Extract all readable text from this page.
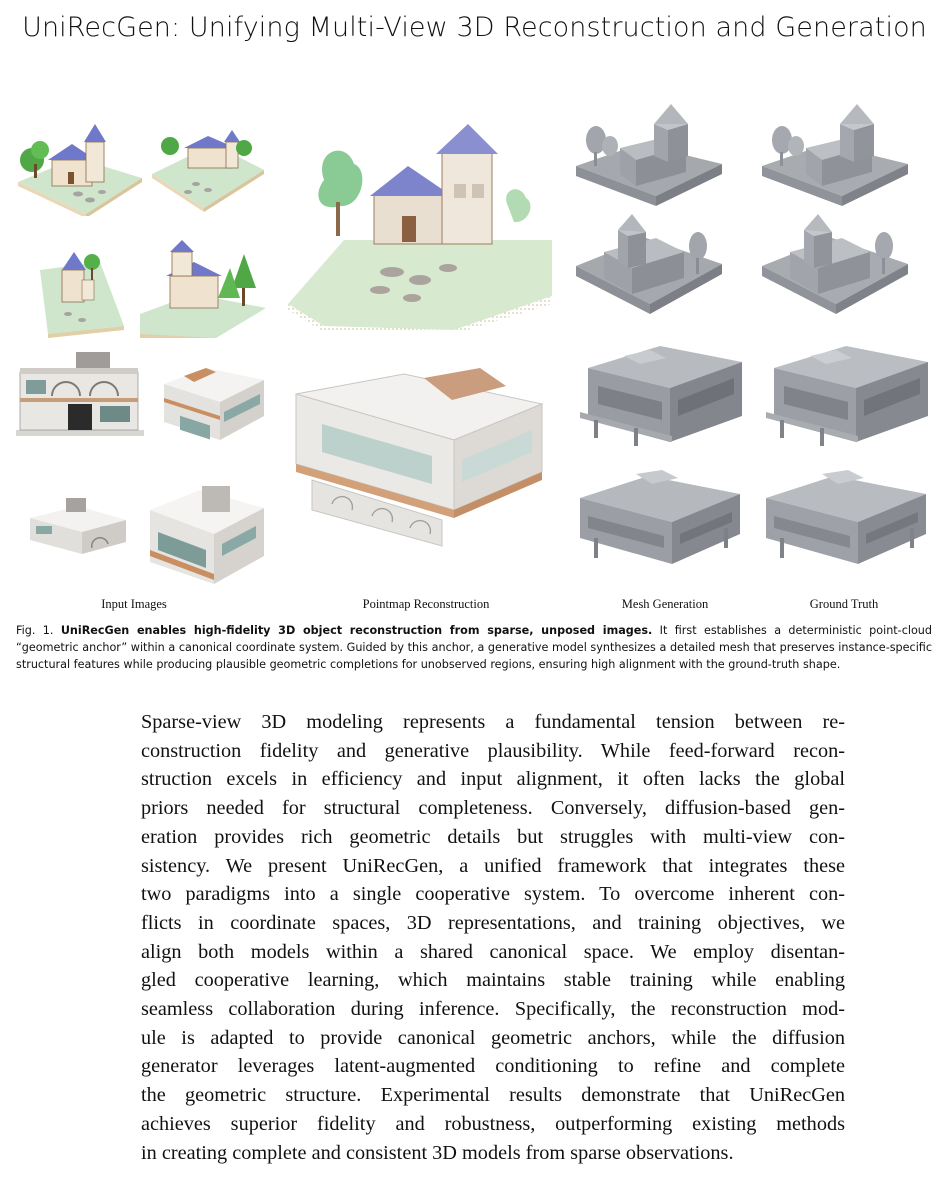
UniRecGen: Unifying Multi-View 3D Reconstruction and Generation
Input Images	Pointmap Reconstruction	Mesh Generation	Ground Truth

Fig. 1. UniRecGen enables high-fidelity 3D object reconstruction from sparse, unposed images. It first establishes a deterministic point-cloud “geometric anchor” within a canonical coordinate system. Guided by this anchor, a generative model synthesizes a detailed mesh that preserves instance-specific structural features while producing plausible geometric completions for unobserved regions, ensuring high alignment with the ground-truth shape.

Sparse-view 3D modeling represents a fundamental tension between re-
construction fidelity and generative plausibility. While feed-forward recon-
struction excels in efficiency and input alignment, it often lacks the global
priors needed for structural completeness. Conversely, diffusion-based gen-
eration provides rich geometric details but struggles with multi-view con-
sistency. We present UniRecGen, a unified framework that integrates these
two paradigms into a single cooperative system. To overcome inherent con-
flicts in coordinate spaces, 3D representations, and training objectives, we
align both models within a shared canonical space. We employ disentan-
gled cooperative learning, which maintains stable training while enabling
seamless collaboration during inference. Specifically, the reconstruction mod-
ule is adapted to provide canonical geometric anchors, while the diffusion
generator leverages latent-augmented conditioning to refine and complete
the geometric structure. Experimental results demonstrate that UniRecGen
achieves superior fidelity and robustness, outperforming existing methods
in creating complete and consistent 3D models from sparse observations.
